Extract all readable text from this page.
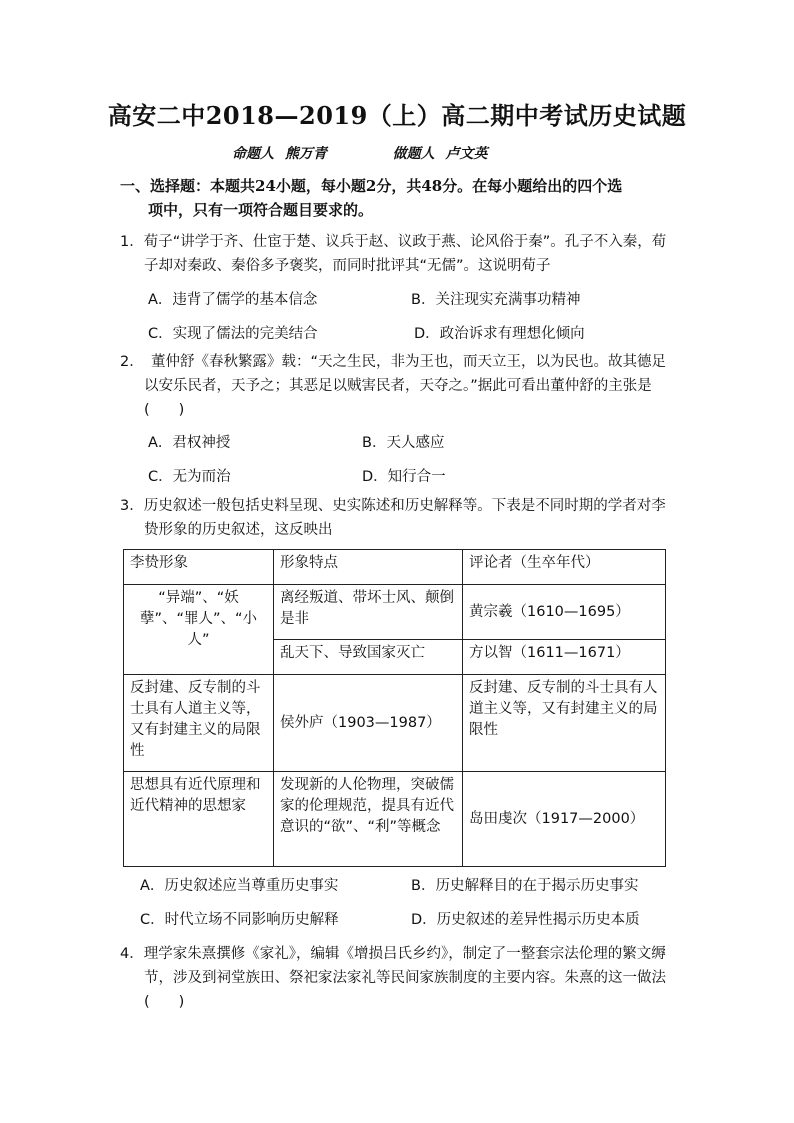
高安二中2018—2019（上）高二期中考试历史试题
命题人 熊万青	做题人 卢文英
一、选择题：本题共24小题，每小题2分，共48分。在每小题给出的四个选
项中，只有一项符合题目要求的。

1．荀子“讲学于齐、仕宦于楚、议兵于赵、议政于燕、论风俗于秦”。孔子不入秦，荀子却对秦政、秦俗多予褒奖，而同时批评其“无儒”。这说明荀子

A．违背了儒学的基本信念	B．关注现实充满事功精神
C．实现了儒法的完美结合	D．政治诉求有理想化倾向

2．　董仲舒《春秋繁露》载：“天之生民，非为王也，而天立王，以为民也。故其德足以安乐民者，天予之；其恶足以贼害民者，天夺之。”据此可看出董仲舒的主张是(　　)

A．君权神授	B．天人感应
C．无为而治	D．知行合一

3．历史叙述一般包括史料呈现、史实陈述和历史解释等。下表是不同时期的学者对李贽形象的历史叙述，这反映出

李贽形象	形象特点	评论者（生卒年代）
“异端”、“妖孽”、“罪人”、“小人”	离经叛道、带坏士风、颠倒是非	黄宗羲（1610—1695）
	乱天下、导致国家灭亡	方以智（1611—1671）
反封建、反专制的斗士具有人道主义等，又有封建主义的局限性	侯外庐（1903—1987）	反封建、反专制的斗士具有人道主义等，又有封建主义的局限性
思想具有近代原理和近代精神的思想家	发现新的人伦物理，突破儒家的伦理规范，提具有近代意识的“欲”、“利”等概念	岛田虔次（1917—2000）
A．历史叙述应当尊重历史事实	B．历史解释目的在于揭示历史事实
C．时代立场不同影响历史解释	D．历史叙述的差异性揭示历史本质

4．理学家朱熹撰修《家礼》，编辑《增损吕氏乡约》，制定了一整套宗法伦理的繁文缛节，涉及到祠堂族田、祭祀家法家礼等民间家族制度的主要内容。朱熹的这一做法(　　)
